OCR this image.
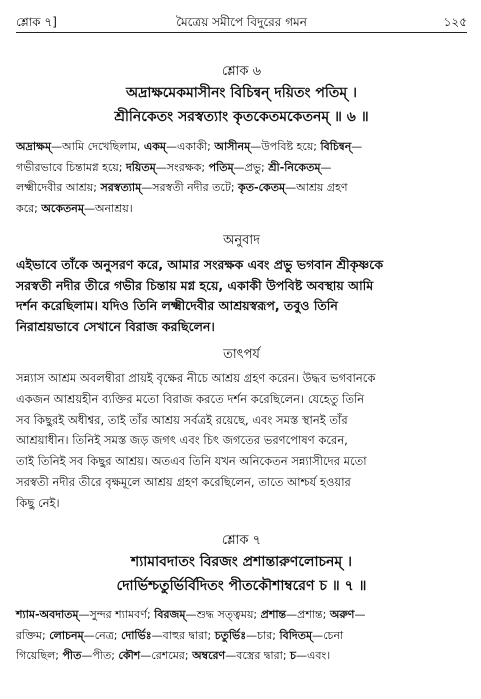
শ্লোক ৭]	মৈত্রেয় সমীপে বিদুরের গমন	১২৫
শ্লোক ৬
অদ্রাক্ষমেকমাসীনং বিচিন্বন্ দয়িতং পতিম্ ।
শ্রীনিকেতং সরস্বত্যাং কৃতকেতমকেতনম্ ॥ ৬ ॥
অদ্রাক্ষম্—আমি দেখেছিলাম, একম্—একাকী; আসীনম্—উপবিষ্ট হয়ে; বিচিন্বন্—
গভীরভাবে চিন্তামগ্ন হয়ে; দয়িতম্—সংরক্ষক; পতিম্—প্রভু; শ্রী-নিকেতম্—
লক্ষ্মীদেবীর আশ্রয়; সরস্বত্যাম্—সরস্বতী নদীর তটে; কৃত-কেতম্—আশ্রয় গ্রহণ
করে; অকেতনম্—অনাশ্রয়।
অনুবাদ
এইভাবে তাঁকে অনুসরণ করে, আমার সংরক্ষক এবং প্রভু ভগবান শ্রীকৃষ্ণকে
সরস্বতী নদীর তীরে গভীর চিন্তায় মগ্ন হয়ে, একাকী উপবিষ্ট অবস্থায় আমি
দর্শন করেছিলাম। যদিও তিনি লক্ষ্মীদেবীর আশ্রয়স্বরূপ, তবুও তিনি
নিরাশ্রয়ভাবে সেখানে বিরাজ করছিলেন।
তাৎপর্য
সন্ন্যাস আশ্রম অবলম্বীরা প্রায়ই বৃক্ষের নীচে আশ্রয় গ্রহণ করেন। উদ্ধব ভগবানকে
একজন আশ্রয়হীন ব্যক্তির মতো বিরাজ করতে দর্শন করেছিলেন। যেহেতু তিনি
সব কিছুরই অধীশ্বর, তাই তাঁর আশ্রয় সর্বত্রই রয়েছে, এবং সমস্ত স্থানই তাঁর
আশ্রয়াধীন। তিনিই সমস্ত জড় জগৎ এবং চিৎ জগতের ভরণপোষণ করেন,
তাই তিনিই সব কিছুর আশ্রয়। অতএব তিনি যখন অনিকেতন সন্ন্যাসীদের মতো
সরস্বতী নদীর তীরে বৃক্ষমূলে আশ্রয় গ্রহণ করেছিলেন, তাতে আশ্চর্য হওয়ার
কিছু নেই।
শ্লোক ৭
শ্যামাবদাতং বিরজং প্রশান্তারুণলোচনম্ ।
দোর্ভিশ্চতুর্ভির্বিদিতং পীতকৌশাম্বরেণ চ ॥ ৭ ॥
শ্যাম-অবদাতম্—সুন্দর শ্যামবর্ণ; বিরজম্—শুদ্ধ সত্ত্বময়; প্রশান্ত—প্রশান্ত; অরুণ—
রক্তিম; লোচনম্—নেত্র; দোর্ভিঃ—বাহুর দ্বারা; চতুর্ভিঃ—চার; বিদিতম্—চেনা
গিয়েছিল; পীত—পীত; কৌশ—রেশমের; অম্বরেণ—বস্ত্রের দ্বারা; চ—এবং।
